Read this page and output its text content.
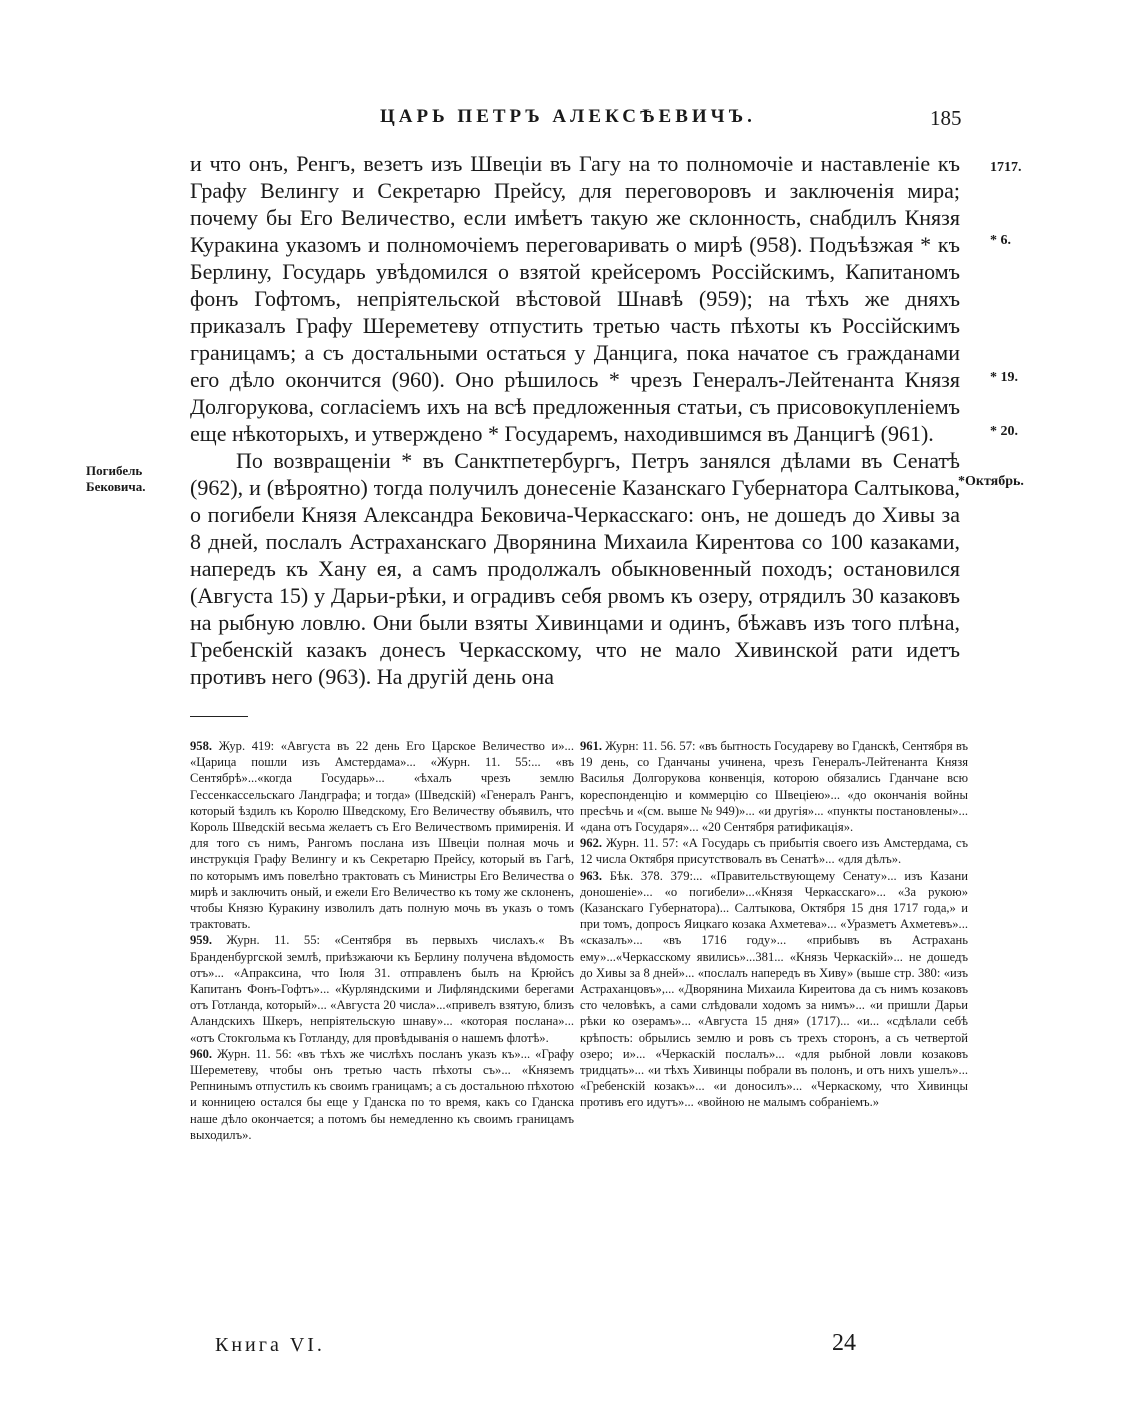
ЦАРЬ ПЕТРЪ АЛЕКСѢЕВИЧЪ.	185
1717.
* 6.
* 19.
* 20.
*Октябрь.
Погибель Бековича.

и что онъ, Ренгъ, везетъ изъ Швецiи въ Гагу на то полномочiе и наставленiе къ Графу Велингу и Секретарю Прейсу, для переговоровъ и заключенiя мира; почему бы Его Величество, если имѣетъ такую же склонность, снабдилъ Князя Куракина указомъ и полномочiемъ переговаривать о мирѣ (958). Подъѣзжая * къ Берлину, Государь увѣдомился о взятой крейсеромъ Россiйскимъ, Капитаномъ фонъ Гофтомъ, непрiятельской вѣстовой Шнавѣ (959); на тѣхъ же дняхъ приказалъ Графу Шереметеву отпустить третью часть пѣхоты къ Россiйскимъ границамъ; а съ достальными остаться у Данцига, пока начатое съ гражданами его дѣло окончится (960). Оно рѣшилось * чрезъ Генералъ-Лейтенанта Князя Долгорукова, согласiемъ ихъ на всѣ предложенныя статьи, съ присовокупленiемъ еще нѣкоторыхъ, и утверждено * Государемъ, находившимся въ Данцигѣ (961).

По возвращенiи * въ Санктпетербургъ, Петръ занялся дѣлами въ Сенатѣ (962), и (вѣроятно) тогда получилъ донесенiе Казанскаго Губернатора Салтыкова, о погибели Князя Александра Бековича-Черкасскаго: онъ, не дошедъ до Хивы за 8 дней, послалъ Астраханскаго Дворянина Михаила Кирентова со 100 казаками, напередъ къ Хану ея, а самъ продолжалъ обыкновенный походъ; остановился (Августа 15) у Дарьи-рѣки, и оградивъ себя рвомъ къ озеру, отрядилъ 30 казаковъ на рыбную ловлю. Они были взяты Хивинцами и одинъ, бѣжавъ изъ того плѣна, Гребенскiй казакъ донесъ Черкасскому, что не мало Хивинской рати идетъ противъ него (963). На другiй день она

958. Жур. 419: «Августа въ 22 день Его Царское Величество и»... «Царица пошли изъ Амстердама»... «Журн. 11. 55:... «въ Сентябрѣ»...«когда Государь»... «ѣхалъ чрезъ землю Гессенкассельскаго Ландграфа; и тогда» (Шведскiй) «Генералъ Рангъ, который ѣздилъ къ Королю Шведскому, Его Величеству объявилъ, что Король Шведскiй весьма желаетъ съ Его Величествомъ примиренiя. И для того съ нимъ, Рангомъ послана изъ Швецiи полная мочь и инструкцiя Графу Велингу и къ Секретарю Прейсу, который въ Гагѣ, по которымъ имъ повелѣно трактовать съ Министры Его Величества о мирѣ и заключить оный, и ежели Его Величество къ тому же склоненъ, чтобы Князю Куракину изволилъ дать полную мочь въ указъ о томъ трактовать.

959. Журн. 11. 55: «Сентября въ первыхъ числахъ.« Въ Бранденбургской землѣ, приѣзжаючи къ Берлину получена вѣдомость отъ»... «Апраксина, что Iюля 31. отправленъ былъ на Крюйсъ Капитанъ Фонъ-Гофтъ»... «Курляндскими и Лифляндскими берегами отъ Готланда, который»... «Августа 20 числа»...«привелъ взятую, близъ Аландскихъ Шкеръ, непрiятельскую шнаву»... «которая послана»... «отъ Стокгольма къ Готланду, для провѣдыванiя о нашемъ флотѣ».

960. Журн. 11. 56: «въ тѣхъ же числѣхъ посланъ указъ къ»... «Графу Шереметеву, чтобы онъ третью часть пѣхоты съ»... «Княземъ Репнинымъ отпустилъ къ своимъ границамъ; а съ достальною пѣхотою и конницею остался бы еще у Гданска по то время, какъ со Гданска наше дѣло окончается; а потомъ бы немедленно къ своимъ границамъ выходилъ».

961. Журн: 11. 56. 57: «въ бытность Государеву во Гданскѣ, Сентября въ 19 день, со Гданчаны учинена, чрезъ Генералъ-Лейтенанта Князя Василья Долгорукова конвенцiя, которою обязались Гданчане всю кореспонденцiю и коммерцiю со Швецiею»... «до окончанiя войны пресѣчь и «(см. выше № 949)»... «и другiя»... «пункты постановлены»... «дана отъ Государя»... «20 Сентября ратификацiя».

962. Журн. 11. 57: «А Государь съ прибытiя своего изъ Амстердама, съ 12 числа Октября присутствовалъ въ Сенатѣ»... «для дѣлъ».

963. Бѣк. 378. 379:... «Правительствующему Сенату»... изъ Казани доношенiе»... «о погибели»...«Князя Черкасскаго»... «За рукою» (Казанскаго Губернатора)... Салтыкова, Октября 15 дня 1717 года,» и при томъ, допросъ Яицкаго козака Ахметева»... «Уразметъ Ахметевъ»... «сказалъ»... «въ 1716 году»... «прибывъ въ Астрахань ему»...«Черкасскому явились»...381... «Князь Черкаскiй»... не дошедъ до Хивы за 8 дней»... «послалъ напередъ въ Хиву» (выше стр. 380: «изъ Астраханцовъ»,... «Дворянина Михаила Киреитова да съ нимъ козаковъ сто человѣкъ, а сами слѣдовали ходомъ за нимъ»... «и пришли Дарьи рѣки ко озерамъ»... «Августа 15 дня» (1717)... «и... «сдѣлали себѣ крѣпость: обрылись землю и ровъ съ трехъ сторонъ, а съ четвертой озеро; и»... «Черкаскiй послалъ»... «для рыбной ловли козаковъ тридцать»... «и тѣхъ Хивинцы побрали въ полонъ, и отъ нихъ ушелъ»... «Гребенскiй козакъ»... «и доносилъ»... «Черкаскому, что Хивинцы противъ его идутъ»... «войною не малымъ собранiемъ.»

Книга VI.	24
